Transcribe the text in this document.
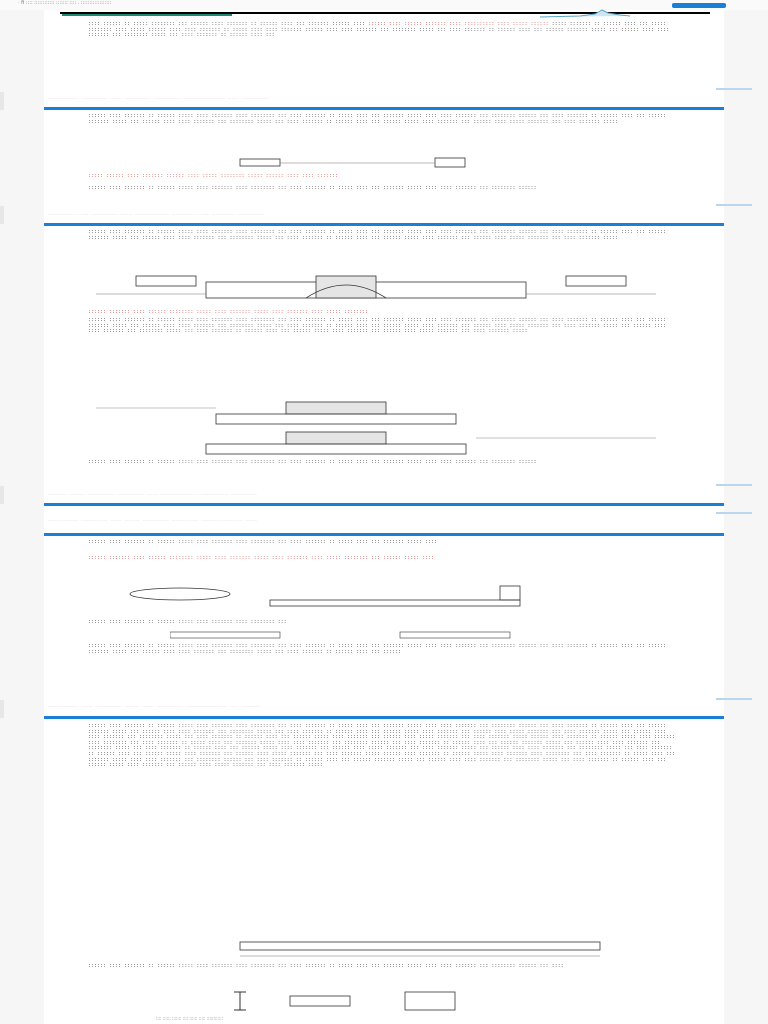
· fi :::: :::::::::::: ::::::: :::: . ::::::::::::::::::
:::: :::::: :: ::::: :::::::: ::: :::::: :::: ::::::: :: :::::: :::: ::: ::::::: :::::: :::: :::::: :::: :::::: ::::::: :::: :::::::::: :::: ::::: :::::: ::::: ::::::: :: :::::: :::: ::: ::::: :::::::: :::: ::::: :::::: :::: :::: ::::::: :: ::::: :::: :::: ::::::: :::::: :::: :::: ::::::: ::: :::::::: ::::: ::: :::: ::::::: :: :::::: :::: ::: :::::: ::::::: ::::: ::: :::::: :::: :::: ::::::: ::: :::::::: ::::: ::: :::: ::::::: :: :::::: :::: :::
________ _______ ___ _______ _______ ___________ ___ _______
:::::: :::: ::::::: :: :::::: ::::: :::: ::::::: :::: :::::::: ::: :::: ::::::: :: ::::: :::: ::: ::::::: ::::: :::: :::: ::::::: ::: :::::::: :::::: ::: :::: ::::::: :: :::::: :::: ::: :::::: ::::::: ::::: ::: :::::: :::: :::: ::::::: ::: :::::::: ::::: ::: :::: ::::::: :: :::::: :::: ::: :::::: ::::: :::: ::::::: ::: :::::: :::: ::::: ::::::: ::: :::: ::::::: :::::
::::: :::::: :::: ::::::: :::::: :::: ::::: :::::::: ::::: :::::: :::: :::: :::::::
:::::: :::: ::::::: :: :::::: ::::: :::: ::::::: :::: :::::::: ::: :::: ::::::: :: ::::: :::: ::: ::::::: ::::: :::: :::: ::::::: ::: :::::::: ::::::
________ __ _______ ___ _________ _______ __ ______ _______
:::::: :::: ::::::: :: :::::: ::::: :::: ::::::: :::: :::::::: ::: :::: ::::::: :: ::::: :::: ::: ::::::: ::::: :::: :::: ::::::: ::: :::::::: :::::: ::: :::: ::::::: :: :::::: :::: ::: :::::: ::::::: ::::: ::: :::::: :::: :::: ::::::: ::: :::::::: ::::: ::: :::: ::::::: :: :::::: :::: ::: :::::: ::::: :::: ::::::: ::: :::::: :::: ::::: ::::::: ::: :::: ::::::: :::::
:::::: ::::::: :::: :::::: :::::::: ::::: :::: ::::::: ::::: :::: ::::::: :::: ::::: ::::::::
:::::: :::: ::::::: :: :::::: ::::: :::: ::::::: :::: :::::::: ::: :::: ::::::: :: ::::: :::: ::: ::::::: ::::: :::: :::: ::::::: ::: :::::::: :::::: ::: :::: ::::::: :: :::::: :::: ::: :::::: ::::::: ::::: ::: :::::: :::: :::: ::::::: ::: :::::::: ::::: ::: :::: ::::::: :: :::::: :::: ::: :::::: ::::: :::: ::::::: ::: :::::: :::: ::::: ::::::: ::: :::: ::::::: ::::: ::: :::::: :::: :::: ::::::: ::: :::::::: ::::: ::: :::: ::::::: :: :::::: :::: ::: :::::: ::::: :::: ::::::: ::: :::::: :::: ::::: ::::::: ::: :::: ::::::: :::::
:::::: :::: ::::::: :: :::::: ::::: :::: ::::::: :::: :::::::: ::: :::: ::::::: :: ::::: :::: ::: ::::::: ::::: :::: :::: ::::::: ::: :::::::: ::::::
_____ ____ _______ _______ ___ __________ _______ _______
________ _______ ___ ____ _______ _______ ___________ ___
:::::: :::: ::::::: :: :::::: ::::: :::: ::::::: :::: :::::::: ::: :::: ::::::: :: ::::: :::: ::: ::::::: ::::: ::::
:::::: ::::::: :::: :::::: :::::::: ::::: :::: ::::::: ::::: :::: ::::::: :::: ::::: :::::::: ::: :::::: ::::: ::::
:::::: :::: ::::::: :: :::::: ::::: :::: ::::::: :::: :::::::: :::
:::::: :::: ::::::: :: :::::: ::::: :::: ::::::: :::: :::::::: ::: :::: ::::::: :: ::::: :::: ::: ::::::: ::::: :::: :::: ::::::: ::: :::::::: :::::: ::: :::: ::::::: :: :::::: :::: ::: :::::: ::::::: ::::: ::: :::::: :::: :::: ::::::: ::: :::::::: ::::: ::: :::: ::::::: :: :::::: :::: ::: ::::::
________ ___ _______ ____ ___ _______ ___________ __ _____
:::::: :::: ::::::: :: :::::: ::::: :::: ::::::: :::: :::::::: ::: :::: ::::::: :: ::::: :::: ::: ::::::: ::::: :::: :::: ::::::: ::: :::::::: :::::: ::: :::: ::::::: :: :::::: :::: ::: :::::: ::::::: ::::: ::: :::::: :::: :::: ::::::: ::: :::::::: ::::: ::: :::: ::::::: :: :::::: :::: ::: :::::: ::::: :::: ::::::: ::: :::::: :::: ::::: ::::::: ::: :::: ::::::: ::::: ::: :::::: :::: :::: ::::::: ::: :::::::: ::::: ::: :::: ::::::: :: :::::: :::: ::: :::::: ::::: :::: ::::::: ::: :::::: :::: ::::: ::::::: ::: :::: ::::::: ::::: :::::: :::: ::::::: :: :::::: ::::: :::: ::::::: :::: :::::::: ::: :::: ::::::: :: ::::: :::: ::: ::::::: ::::: :::: :::: ::::::: ::: :::::::: :::::: ::: :::: ::::::: :: :::::: :::: ::: :::::: ::::::: ::::: ::: :::::: :::: :::: ::::::: ::: :::::::: ::::: ::: :::: ::::::: :: :::::: :::: ::: :::::: ::::: :::: ::::::: ::: :::::: :::: ::::: ::::::: ::: :::: ::::::: ::::: ::: :::::: :::: :::: ::::::: ::: :::::::: ::::: ::: :::: ::::::: :: :::::: :::: ::: :::::: ::::: :::: ::::::: ::: :::::: :::: ::::: ::::::: ::: :::: ::::::: ::::: :::::: :::: ::::::: :: :::::: ::::: :::: ::::::: :::: :::::::: ::: :::: ::::::: :: ::::: :::: ::: ::::::: ::::: :::: :::: ::::::: ::: :::::::: :::::: ::: :::: ::::::: :: :::::: :::: ::: :::::: ::::::: ::::: ::: :::::: :::: :::: ::::::: ::: :::::::: ::::: ::: :::: ::::::: :: :::::: :::: ::: :::::: ::::: :::: ::::::: ::: :::::: :::: ::::: ::::::: ::: :::: ::::::: :::::
:::::: :::: ::::::: :: :::::: ::::: :::: ::::::: :::: :::::::: ::: :::: ::::::: :: ::::: :::: ::: ::::::: ::::: :::: :::: ::::::: ::: :::::::: :::::: ::: ::::
:::: :::::: ::::::: :::: :::::: ::::: ::::::::::::
